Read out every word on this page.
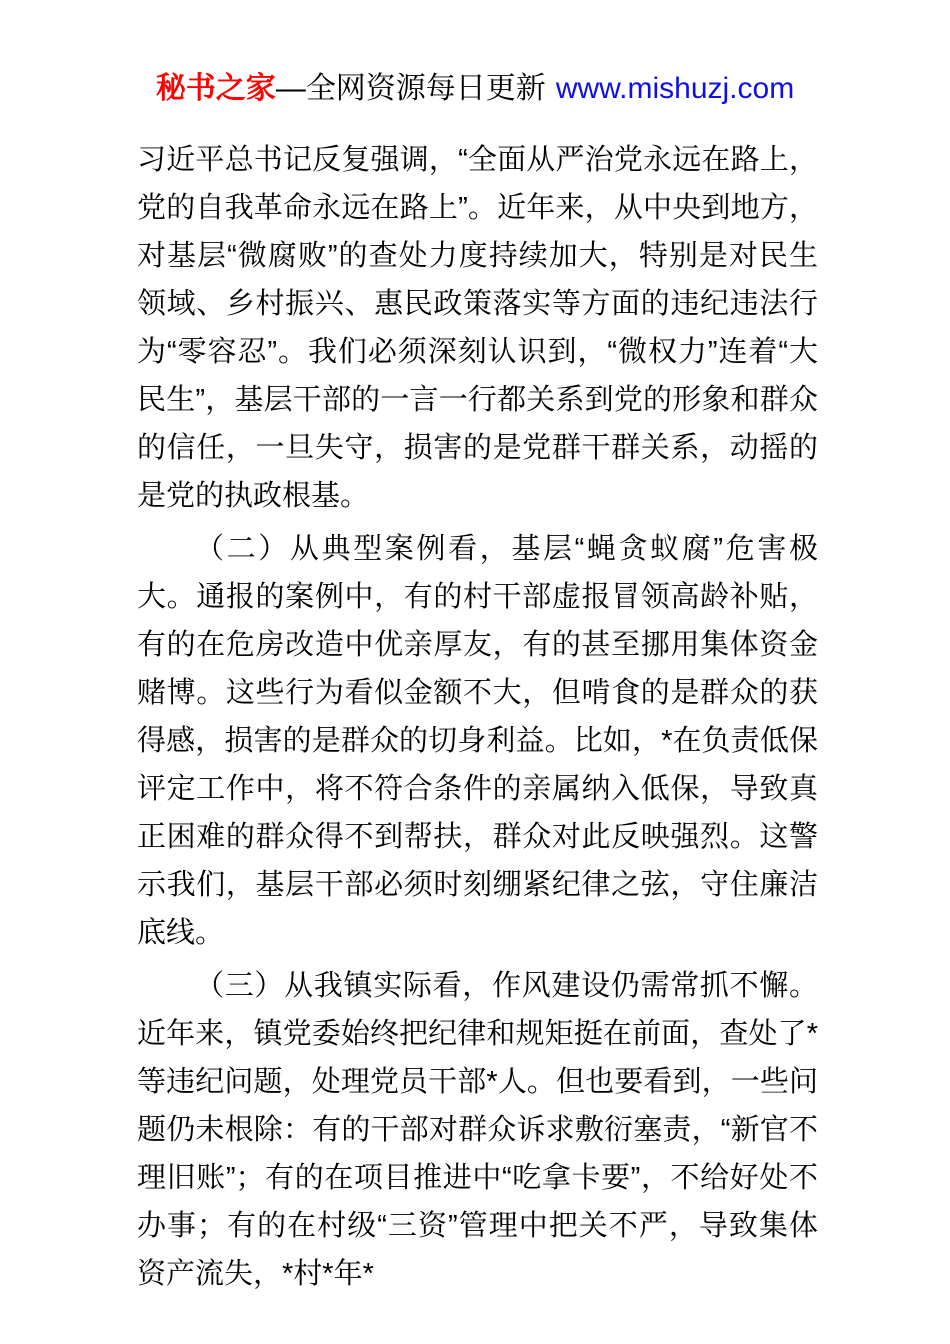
秘书之家—全网资源每日更新 www.mishuzj.com

习近平总书记反复强调，“全面从严治党永远在路上，党的自我革命永远在路上”。近年来，从中央到地方，对基层“微腐败”的查处力度持续加大，特别是对民生领域、乡村振兴、惠民政策落实等方面的违纪违法行为“零容忍”。我们必须深刻认识到，“微权力”连着“大民生”，基层干部的一言一行都关系到党的形象和群众的信任，一旦失守，损害的是党群干群关系，动摇的是党的执政根基。

（二）从典型案例看，基层“蝇贪蚁腐”危害极大。通报的案例中，有的村干部虚报冒领高龄补贴，有的在危房改造中优亲厚友，有的甚至挪用集体资金赌博。这些行为看似金额不大，但啃食的是群众的获得感，损害的是群众的切身利益。比如，*在负责低保评定工作中，将不符合条件的亲属纳入低保，导致真正困难的群众得不到帮扶，群众对此反映强烈。这警示我们，基层干部必须时刻绷紧纪律之弦，守住廉洁底线。

（三）从我镇实际看，作风建设仍需常抓不懈。近年来，镇党委始终把纪律和规矩挺在前面，查处了*等违纪问题，处理党员干部*人。但也要看到，一些问题仍未根除：有的干部对群众诉求敷衍塞责，“新官不理旧账”；有的在项目推进中“吃拿卡要”，不给好处不办事；有的在村级“三资”管理中把关不严，导致集体资产流失，*村*年*
